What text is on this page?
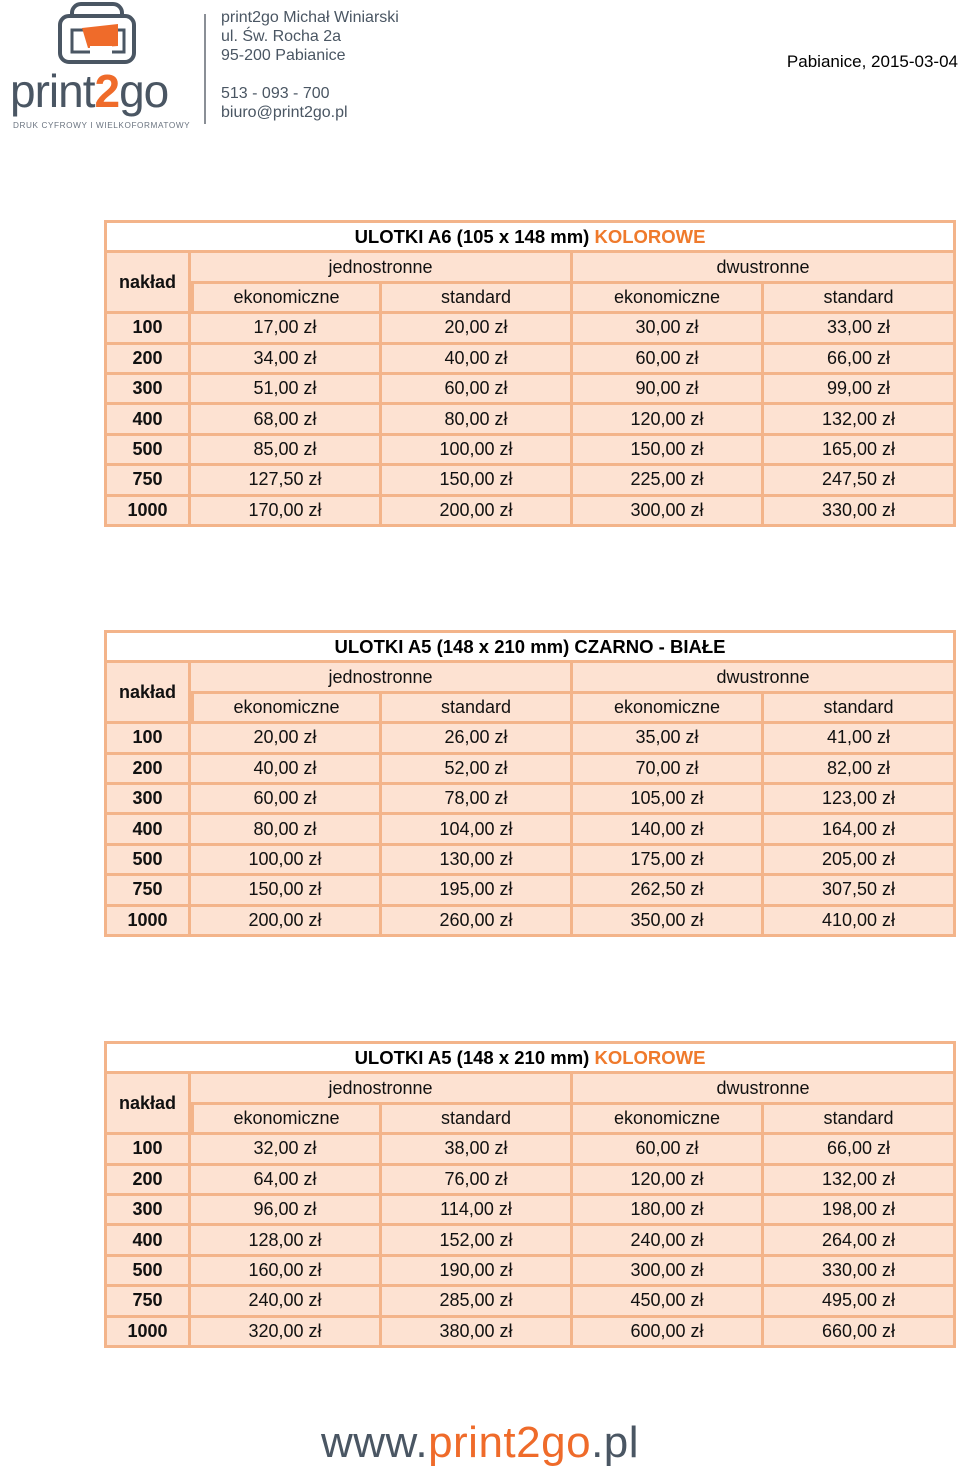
print2go
DRUK CYFROWY I WIELKOFORMATOWY
print2go Michał Winiarski
ul. Św. Rocha 2a
95-200 Pabianice
513 - 093 - 700
biuro@print2go.pl
Pabianice, 2015-03-04
ULOTKI A6 (105 x 148 mm) KOLOROWE				
nakład	jednostronne		dwustronne	
	ekonomiczne	standard	ekonomiczne	standard
100	17,00 zł	20,00 zł	30,00 zł	33,00 zł
200	34,00 zł	40,00 zł	60,00 zł	66,00 zł
300	51,00 zł	60,00 zł	90,00 zł	99,00 zł
400	68,00 zł	80,00 zł	120,00 zł	132,00 zł
500	85,00 zł	100,00 zł	150,00 zł	165,00 zł
750	127,50 zł	150,00 zł	225,00 zł	247,50 zł
1000	170,00 zł	200,00 zł	300,00 zł	330,00 zł
ULOTKI A5 (148 x 210 mm) CZARNO - BIAŁE				
nakład	jednostronne		dwustronne	
	ekonomiczne	standard	ekonomiczne	standard
100	20,00 zł	26,00 zł	35,00 zł	41,00 zł
200	40,00 zł	52,00 zł	70,00 zł	82,00 zł
300	60,00 zł	78,00 zł	105,00 zł	123,00 zł
400	80,00 zł	104,00 zł	140,00 zł	164,00 zł
500	100,00 zł	130,00 zł	175,00 zł	205,00 zł
750	150,00 zł	195,00 zł	262,50 zł	307,50 zł
1000	200,00 zł	260,00 zł	350,00 zł	410,00 zł
ULOTKI A5 (148 x 210 mm) KOLOROWE				
nakład	jednostronne		dwustronne	
	ekonomiczne	standard	ekonomiczne	standard
100	32,00 zł	38,00 zł	60,00 zł	66,00 zł
200	64,00 zł	76,00 zł	120,00 zł	132,00 zł
300	96,00 zł	114,00 zł	180,00 zł	198,00 zł
400	128,00 zł	152,00 zł	240,00 zł	264,00 zł
500	160,00 zł	190,00 zł	300,00 zł	330,00 zł
750	240,00 zł	285,00 zł	450,00 zł	495,00 zł
1000	320,00 zł	380,00 zł	600,00 zł	660,00 zł
www.print2go.pl
